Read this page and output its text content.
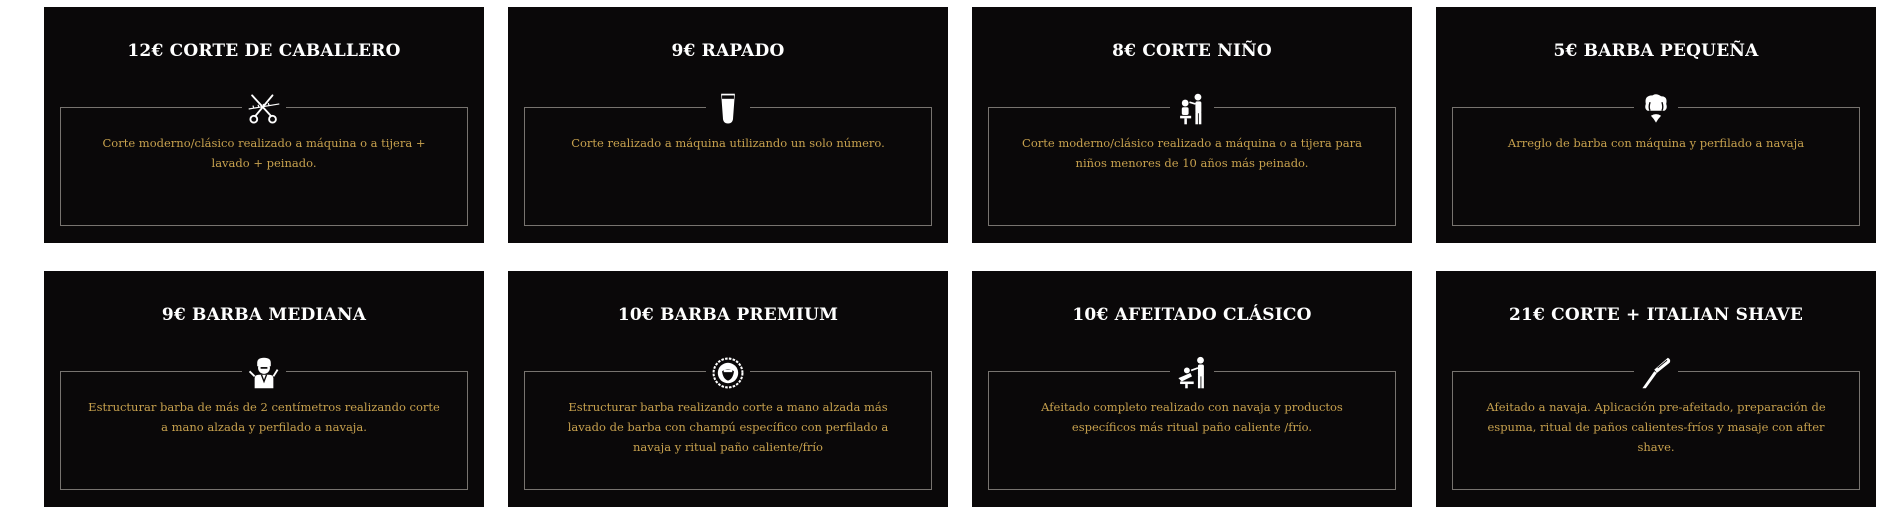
12€ CORTE DE CABALLERO

Corte moderno/clásico realizado a máquina o a tijera + lavado + peinado.

9€ RAPADO

Corte realizado a máquina utilizando un solo número.

8€ CORTE NIÑO

Corte moderno/clásico realizado a máquina o a tijera para niños menores de 10 años más peinado.

5€ BARBA PEQUEÑA

Arreglo de barba con máquina y perfilado a navaja

9€ BARBA MEDIANA

Estructurar barba de más de 2 centímetros realizando corte a mano alzada y perfilado a navaja.

10€ BARBA PREMIUM

Estructurar barba realizando corte a mano alzada más lavado de barba con champú específico con perfilado a navaja y ritual paño caliente/frío

10€ AFEITADO CLÁSICO

Afeitado completo realizado con navaja y productos específicos más ritual paño caliente /frío.

21€ CORTE + ITALIAN SHAVE

Afeitado a navaja. Aplicación pre-afeitado, preparación de espuma, ritual de paños calientes-fríos y masaje con after shave.
